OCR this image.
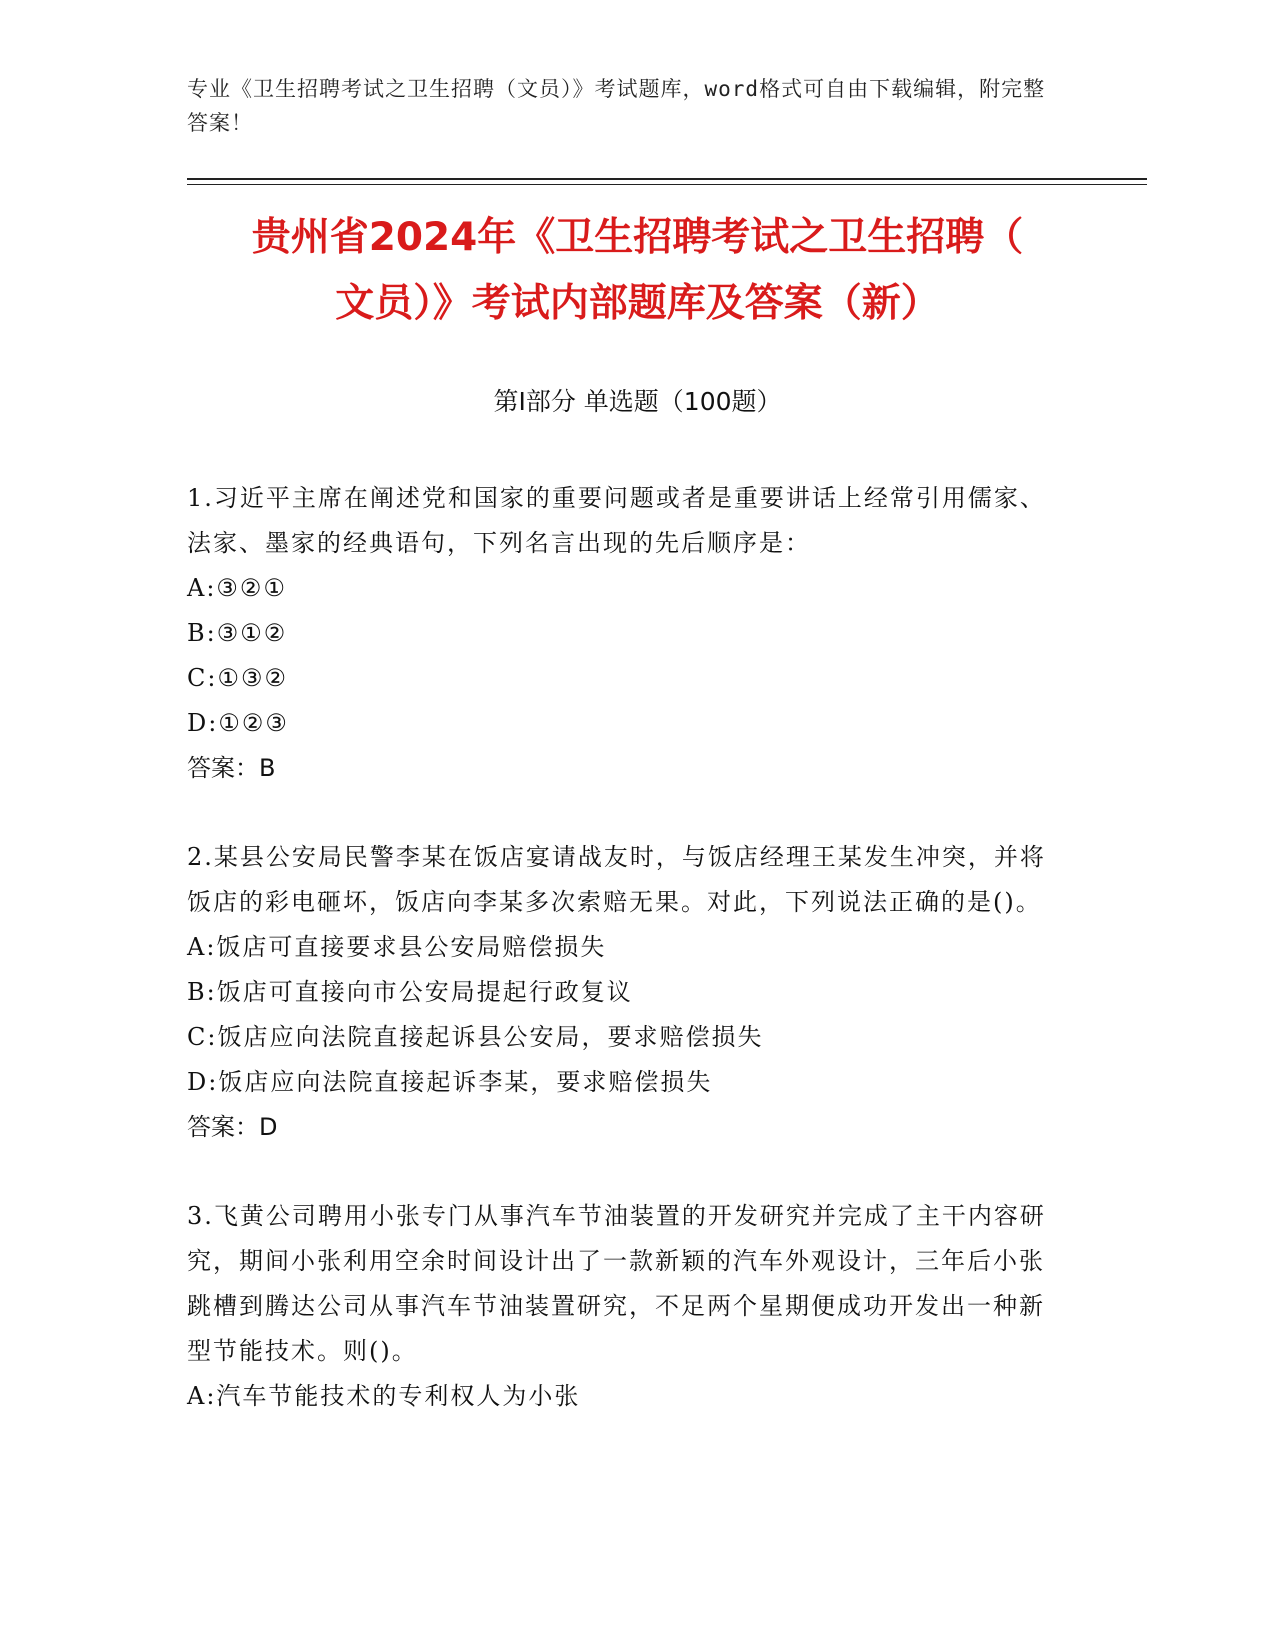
专业《卫生招聘考试之卫生招聘（文员）》考试题库，word格式可自由下载编辑，附完整答案！
贵州省2024年《卫生招聘考试之卫生招聘（
文员）》考试内部题库及答案（新）
第Ⅰ部分 单选题（100题）

1.习近平主席在阐述党和国家的重要问题或者是重要讲话上经常引用儒家、法家、墨家的经典语句，下列名言出现的先后顺序是：

A:③②①

B:③①②

C:①③②

D:①②③

答案：B

2.某县公安局民警李某在饭店宴请战友时，与饭店经理王某发生冲突，并将饭店的彩电砸坏，饭店向李某多次索赔无果。对此，下列说法正确的是()。

A:饭店可直接要求县公安局赔偿损失

B:饭店可直接向市公安局提起行政复议

C:饭店应向法院直接起诉县公安局，要求赔偿损失

D:饭店应向法院直接起诉李某，要求赔偿损失

答案：D

3.飞黄公司聘用小张专门从事汽车节油装置的开发研究并完成了主干内容研究，期间小张利用空余时间设计出了一款新颖的汽车外观设计，三年后小张跳槽到腾达公司从事汽车节油装置研究，不足两个星期便成功开发出一种新型节能技术。则()。

A:汽车节能技术的专利权人为小张
